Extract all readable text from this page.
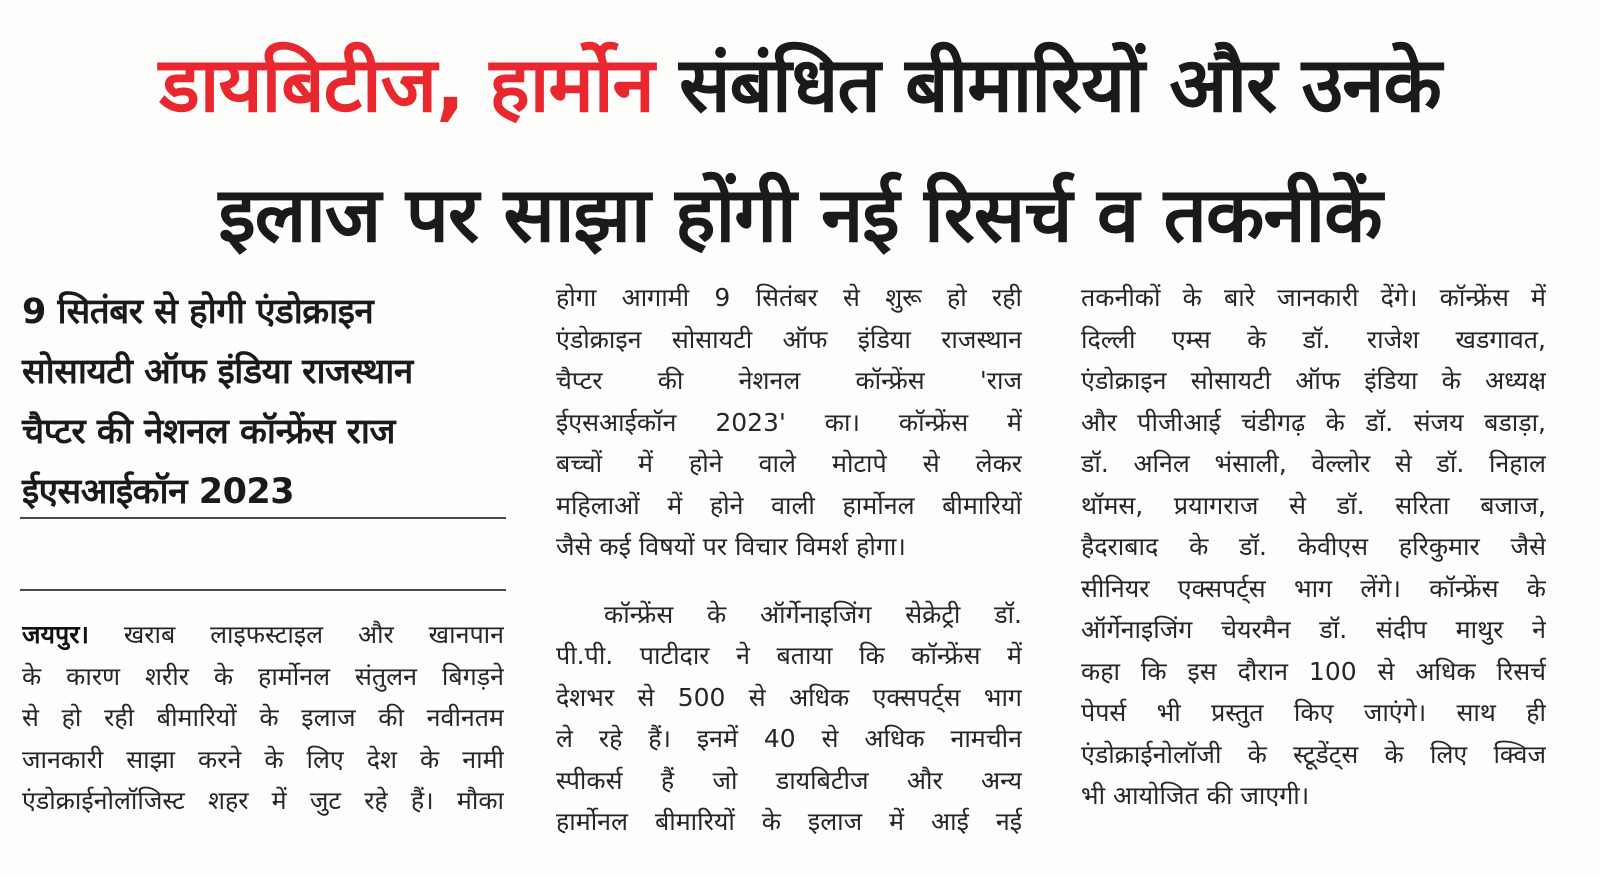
डायबिटीज, हार्मोन संबंधित बीमारियों और उनके
इलाज पर साझा होंगी नई रिसर्च व तकनीकें
9 सितंबर से होगी एंडोक्राइन
सोसायटी ऑफ इंडिया राजस्थान
चैप्टर की नेशनल कॉन्फ्रेंस राज
ईएसआईकॉन 2023
जयपुर। खराब लाइफस्टाइल और खानपान
के कारण शरीर के हार्मोनल संतुलन बिगड़ने
से हो रही बीमारियों के इलाज की नवीनतम
जानकारी साझा करने के लिए देश के नामी
एंडोक्राईनोलॉजिस्ट शहर में जुट रहे हैं। मौका
होगा आगामी 9 सितंबर से शुरू हो रही
एंडोक्राइन सोसायटी ऑफ इंडिया राजस्थान
चैप्टर की नेशनल कॉन्फ्रेंस 'राज
ईएसआईकॉन 2023' का। कॉन्फ्रेंस में
बच्चों में होने वाले मोटापे से लेकर
महिलाओं में होने वाली हार्मोनल बीमारियों
जैसे कई विषयों पर विचार विमर्श होगा।
कॉन्फ्रेंस के ऑर्गेनाइजिंग सेक्रेट्री डॉ.
पी.पी. पाटीदार ने बताया कि कॉन्फ्रेंस में
देशभर से 500 से अधिक एक्सपर्ट्स भाग
ले रहे हैं। इनमें 40 से अधिक नामचीन
स्पीकर्स हैं जो डायबिटीज और अन्य
हार्मोनल बीमारियों के इलाज में आई नई
तकनीकों के बारे जानकारी देंगे। कॉन्फ्रेंस में
दिल्ली एम्स के डॉ. राजेश खडगावत,
एंडोक्राइन सोसायटी ऑफ इंडिया के अध्यक्ष
और पीजीआई चंडीगढ़ के डॉ. संजय बडाड़ा,
डॉ. अनिल भंसाली, वेल्लोर से डॉ. निहाल
थॉमस, प्रयागराज से डॉ. सरिता बजाज,
हैदराबाद के डॉ. केवीएस हरिकुमार जैसे
सीनियर एक्सपर्ट्स भाग लेंगे। कॉन्फ्रेंस के
ऑर्गेनाइजिंग चेयरमैन डॉ. संदीप माथुर ने
कहा कि इस दौरान 100 से अधिक रिसर्च
पेपर्स भी प्रस्तुत किए जाएंगे। साथ ही
एंडोक्राईनोलॉजी के स्टूडेंट्स के लिए क्विज
भी आयोजित की जाएगी।
